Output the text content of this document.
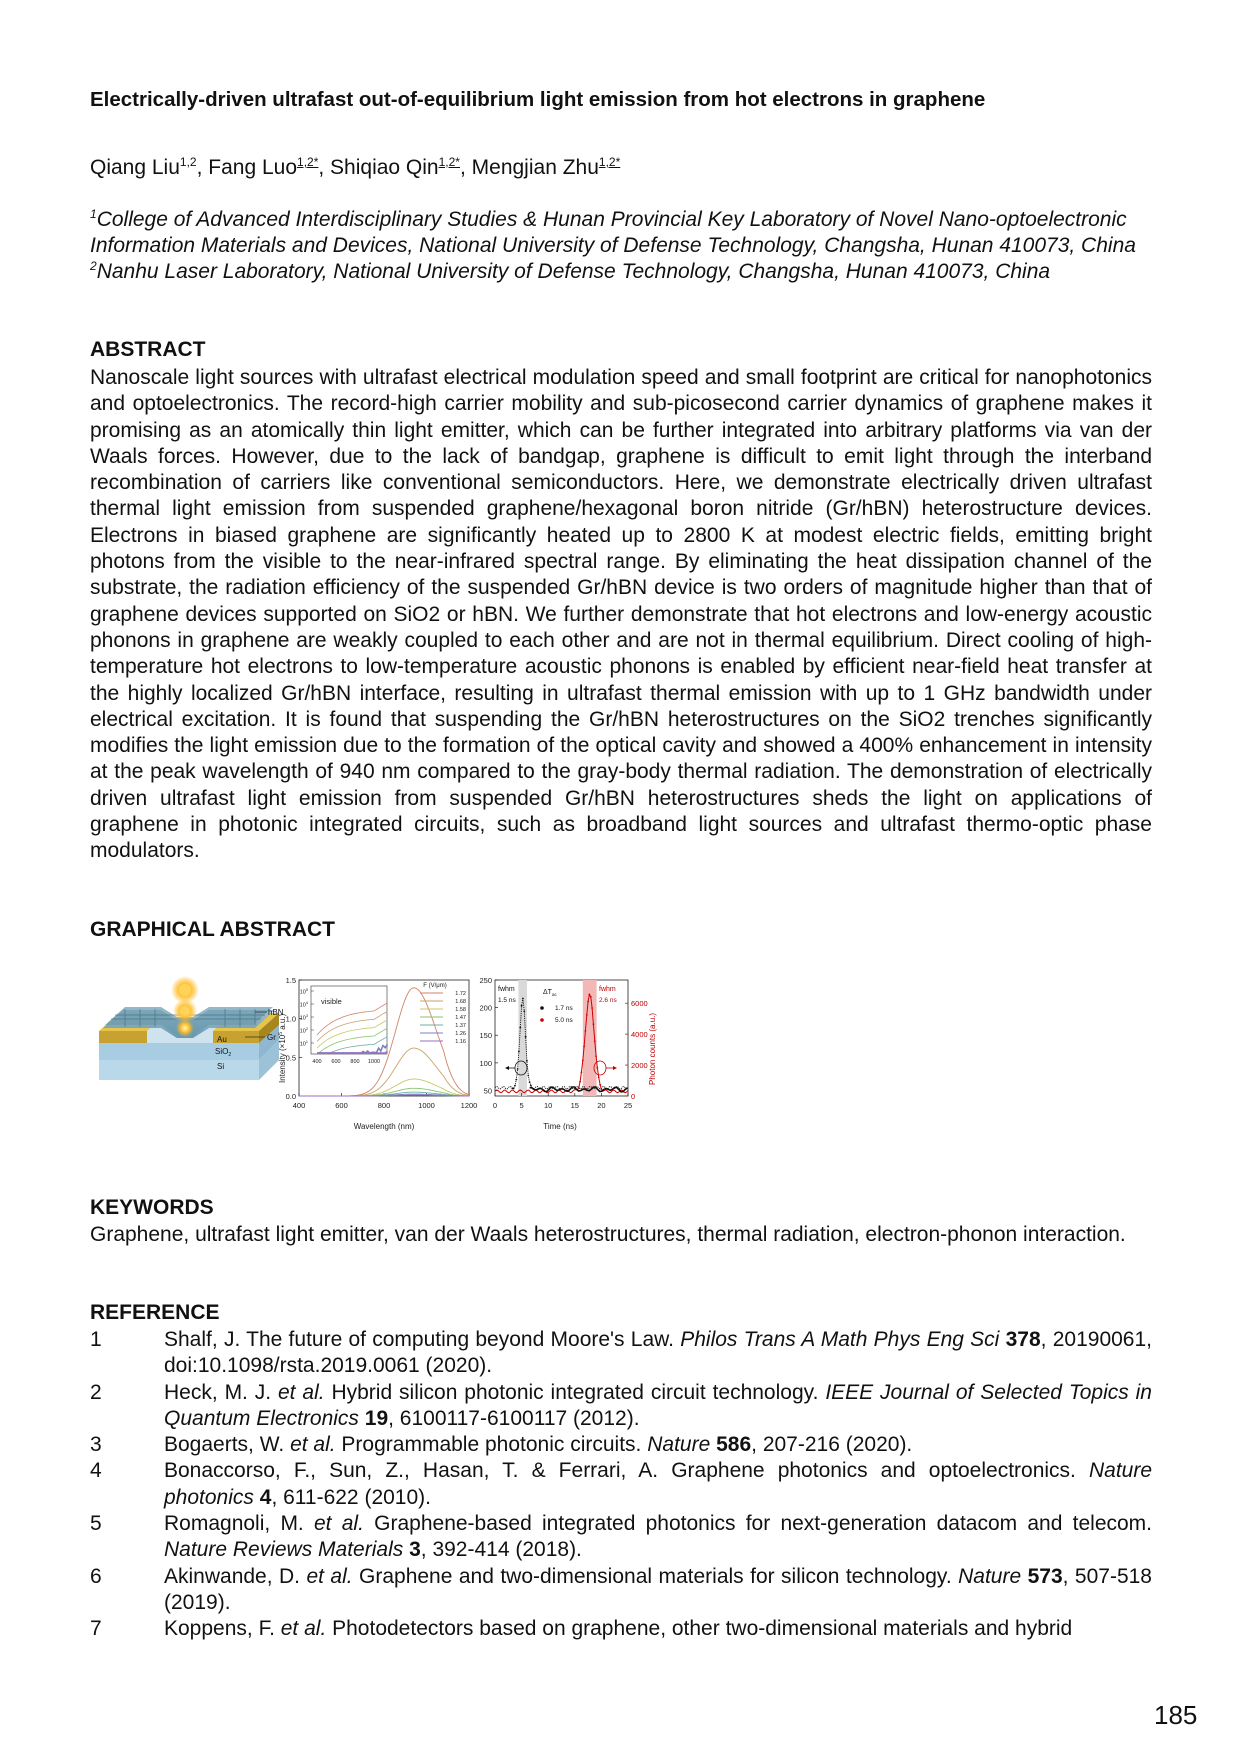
Electrically-driven ultrafast out-of-equilibrium light emission from hot electrons in graphene
Qiang Liu$^{1,2}$, Fang Luo$^{1,2*}$, Shiqiao Qin$^{1,2*}$, Mengjian Zhu$^{1,2*}$
$^1$College of Advanced Interdisciplinary Studies & Hunan Provincial Key Laboratory of Novel Nano-optoelectronic Information Materials and Devices, National University of Defense Technology, Changsha, Hunan 410073, China
$^2$Nanhu Laser Laboratory, National University of Defense Technology, Changsha, Hunan 410073, China
ABSTRACT
Nanoscale light sources with ultrafast electrical modulation speed and small footprint are critical for nanophotonics and optoelectronics. The record-high carrier mobility and sub-picosecond carrier dynamics of graphene makes it promising as an atomically thin light emitter, which can be further integrated into arbitrary platforms via van der Waals forces. However, due to the lack of bandgap, graphene is difficult to emit light through the interband recombination of carriers like conventional semiconductors. Here, we demonstrate electrically driven ultrafast thermal light emission from suspended graphene/hexagonal boron nitride (Gr/hBN) heterostructure devices. Electrons in biased graphene are significantly heated up to 2800 K at modest electric fields, emitting bright photons from the visible to the near-infrared spectral range. By eliminating the heat dissipation channel of the substrate, the radiation efficiency of the suspended Gr/hBN device is two orders of magnitude higher than that of graphene devices supported on SiO2 or hBN. We further demonstrate that hot electrons and low-energy acoustic phonons in graphene are weakly coupled to each other and are not in thermal equilibrium. Direct cooling of high-temperature hot electrons to low-temperature acoustic phonons is enabled by efficient near-field heat transfer at the highly localized Gr/hBN interface, resulting in ultrafast thermal emission with up to 1 GHz bandwidth under electrical excitation. It is found that suspending the Gr/hBN heterostructures on the SiO2 trenches significantly modifies the light emission due to the formation of the optical cavity and showed a 400% enhancement in intensity at the peak wavelength of 940 nm compared to the gray-body thermal radiation. The demonstration of electrically driven ultrafast light emission from suspended Gr/hBN heterostructures sheds the light on applications of graphene in photonic integrated circuits, such as broadband light sources and ultrafast thermo-optic phase modulators.
GRAPHICAL ABSTRACT
KEYWORDS
Graphene, ultrafast light emitter, van der Waals heterostructures, thermal radiation, electron-phonon interaction.
REFERENCE
1	Shalf, J. The future of computing beyond Moore's Law. Philos Trans A Math Phys Eng Sci 378, 20190061, doi:10.1098/rsta.2019.0061 (2020).
2	Heck, M. J. et al. Hybrid silicon photonic integrated circuit technology. IEEE Journal of Selected Topics in Quantum Electronics 19, 6100117-6100117 (2012).
3	Bogaerts, W. et al. Programmable photonic circuits. Nature 586, 207-216 (2020).
4	Bonaccorso, F., Sun, Z., Hasan, T. & Ferrari, A. Graphene photonics and optoelectronics. Nature photonics 4, 611-622 (2010).
5	Romagnoli, M. et al. Graphene-based integrated photonics for next-generation datacom and telecom. Nature Reviews Materials 3, 392-414 (2018).
6	Akinwande, D. et al. Graphene and two-dimensional materials for silicon technology. Nature 573, 507-518 (2019).
7	Koppens, F. et al. Photodetectors based on graphene, other two-dimensional materials and hybrid
hBN
Gr
Au
SiO$_2$
Si
0.0
0.5
1.0
1.5
400	600	800	1000	1200
Intensity ($\times 10^5$ a.u.)
Wavelength (nm)
visible
$10^5$
$10^4$
$10^3$
$10^2$
$10^1$
400 600 800 1000
F (V/μm)
1.72
1.68
1.58
1.47
1.37
1.26
1.16
50
100
150
200
250
0
2000
4000
6000
0	5	10 15 20 25
Time (ns)
Photon counts (a.u.)
fwhm
1.5 ns
$\Delta T_{ac}$
1.7 ns
5.0 ns
fwhm
2.6 ns
185
